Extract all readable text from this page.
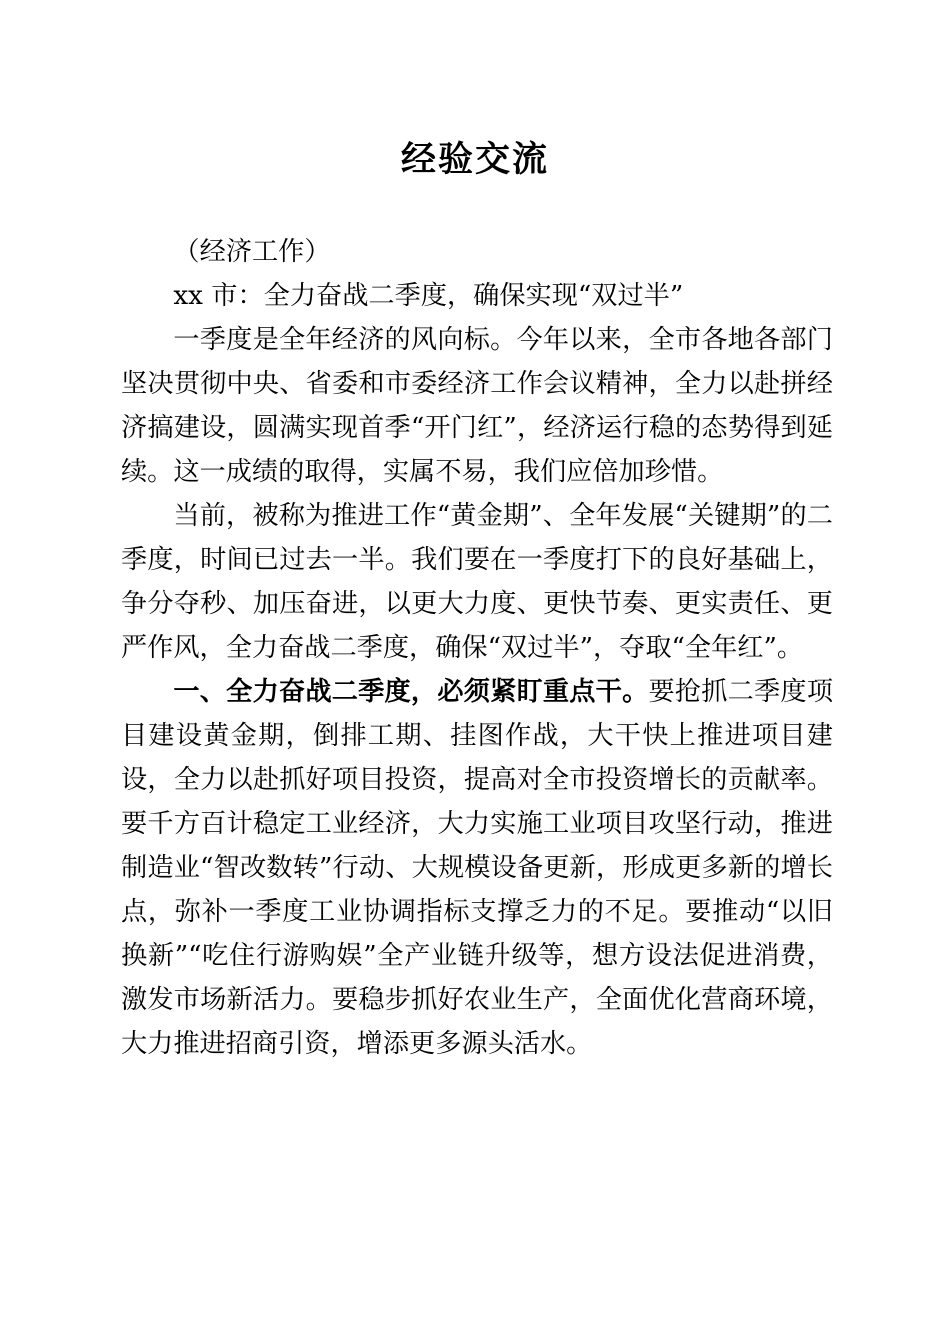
经验交流

（经济工作）

xx 市：全力奋战二季度，确保实现“双过半”

一季度是全年经济的风向标。今年以来，全市各地各部门坚决贯彻中央、省委和市委经济工作会议精神，全力以赴拼经济搞建设，圆满实现首季“开门红”，经济运行稳的态势得到延续。这一成绩的取得，实属不易，我们应倍加珍惜。

当前，被称为推进工作“黄金期”、全年发展“关键期”的二季度，时间已过去一半。我们要在一季度打下的良好基础上，争分夺秒、加压奋进，以更大力度、更快节奏、更实责任、更严作风，全力奋战二季度，确保“双过半”，夺取“全年红”。

一、全力奋战二季度，必须紧盯重点干。要抢抓二季度项目建设黄金期，倒排工期、挂图作战，大干快上推进项目建设，全力以赴抓好项目投资，提高对全市投资增长的贡献率。要千方百计稳定工业经济，大力实施工业项目攻坚行动，推进制造业“智改数转”行动、大规模设备更新，形成更多新的增长点，弥补一季度工业协调指标支撑乏力的不足。要推动“以旧换新”“吃住行游购娱”全产业链升级等，想方设法促进消费，激发市场新活力。要稳步抓好农业生产，全面优化营商环境，大力推进招商引资，增添更多源头活水。
